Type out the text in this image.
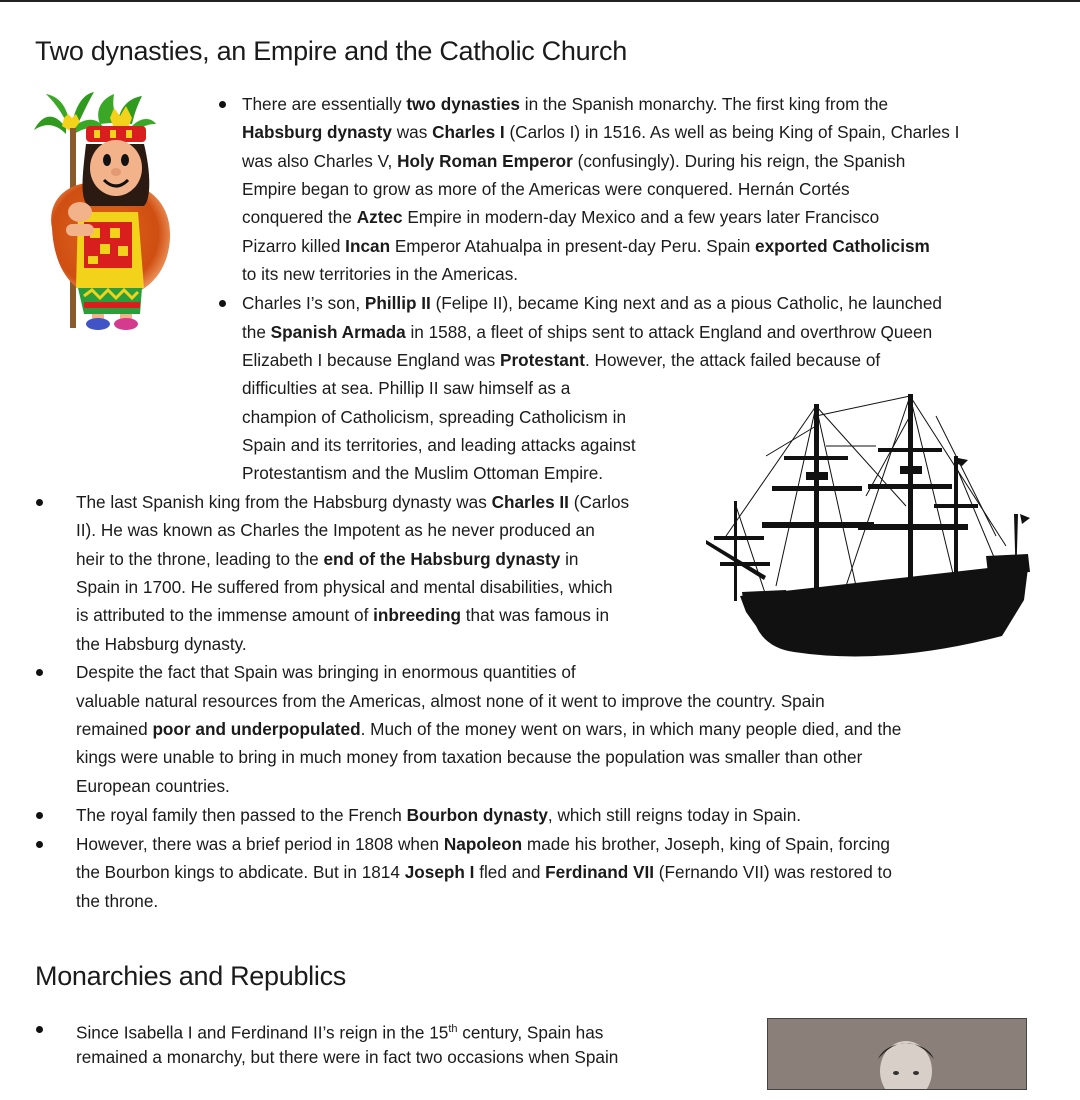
Two dynasties, an Empire and the Catholic Church

There are essentially two dynasties in the Spanish monarchy. The first king from the

Habsburg dynasty was Charles I (Carlos I) in 1516. As well as being King of Spain, Charles I

was also Charles V, Holy Roman Emperor (confusingly). During his reign, the Spanish

Empire began to grow as more of the Americas were conquered. Hernán Cortés

conquered the Aztec Empire in modern-day Mexico and a few years later Francisco

Pizarro killed Incan Emperor Atahualpa in present-day Peru. Spain exported Catholicism

to its new territories in the Americas.

Charles I’s son, Phillip II (Felipe II), became King next and as a pious Catholic, he launched

the Spanish Armada in 1588, a fleet of ships sent to attack England and overthrow Queen

Elizabeth I because England was Protestant. However, the attack failed because of

difficulties at sea. Phillip II saw himself as a

champion of Catholicism, spreading Catholicism in

Spain and its territories, and leading attacks against

Protestantism and the Muslim Ottoman Empire.

The last Spanish king from the Habsburg dynasty was Charles II (Carlos

II). He was known as Charles the Impotent as he never produced an

heir to the throne, leading to the end of the Habsburg dynasty in

Spain in 1700. He suffered from physical and mental disabilities, which

is attributed to the immense amount of inbreeding that was famous in

the Habsburg dynasty.

Despite the fact that Spain was bringing in enormous quantities of

valuable natural resources from the Americas, almost none of it went to improve the country. Spain

remained poor and underpopulated. Much of the money went on wars, in which many people died, and the

kings were unable to bring in much money from taxation because the population was smaller than other

European countries.

The royal family then passed to the French Bourbon dynasty, which still reigns today in Spain.

However, there was a brief period in 1808 when Napoleon made his brother, Joseph, king of Spain, forcing

the Bourbon kings to abdicate. But in 1814 Joseph I fled and Ferdinand VII (Fernando VII) was restored to

the throne.

Monarchies and Republics

Since Isabella I and Ferdinand II’s reign in the 15th century, Spain has

remained a monarchy, but there were in fact two occasions when Spain
